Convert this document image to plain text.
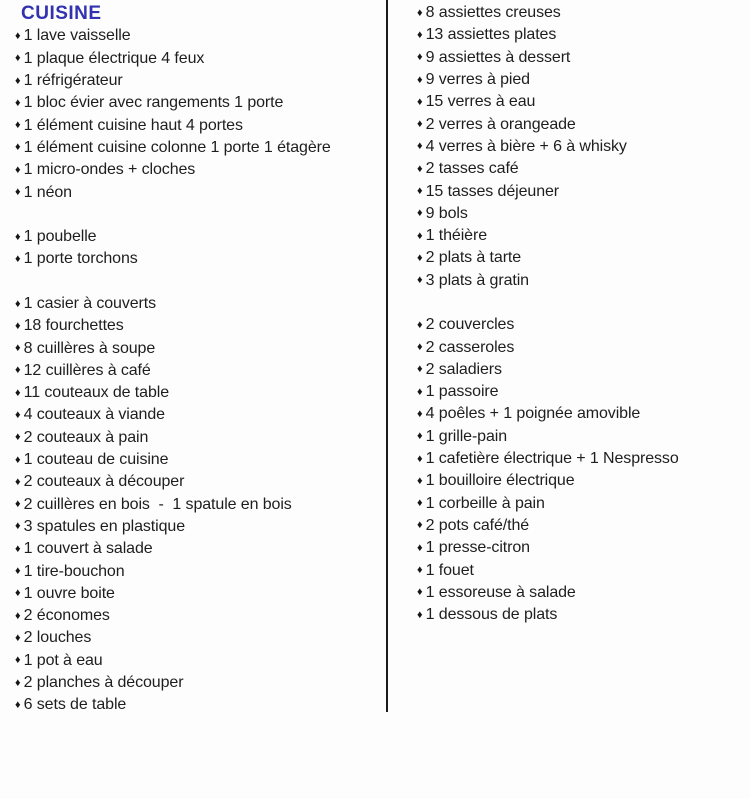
CUISINE
♦ 1 lave vaisselle
♦ 1 plaque électrique 4 feux
♦ 1 réfrigérateur
♦ 1 bloc évier avec rangements 1 porte
♦ 1 élément cuisine haut 4 portes
♦ 1 élément cuisine colonne 1 porte 1 étagère
♦ 1 micro-ondes + cloches
♦ 1 néon
♦ 1 poubelle
♦ 1 porte torchons
♦ 1 casier à couverts
♦ 18 fourchettes
♦ 8 cuillères à soupe
♦ 12 cuillères à café
♦ 11 couteaux de table
♦ 4 couteaux à viande
♦ 2 couteaux à pain
♦ 1 couteau de cuisine
♦ 2 couteaux à découper
♦ 2 cuillères en bois  -  1 spatule en bois
♦ 3 spatules en plastique
♦ 1 couvert à salade
♦ 1 tire-bouchon
♦ 1 ouvre boite
♦ 2 économes
♦ 2 louches
♦ 1 pot à eau
♦ 2 planches à découper
♦ 6 sets de table
♦ 8 assiettes creuses
♦ 13 assiettes plates
♦ 9 assiettes à dessert
♦ 9 verres à pied
♦ 15 verres à eau
♦ 2 verres à orangeade
♦ 4 verres à bière + 6 à whisky
♦ 2 tasses café
♦ 15 tasses déjeuner
♦ 9 bols
♦ 1 théière
♦ 2 plats à tarte
♦ 3 plats à gratin
♦ 2 couvercles
♦ 2 casseroles
♦ 2 saladiers
♦ 1 passoire
♦ 4 poêles + 1 poignée amovible
♦ 1 grille-pain
♦ 1 cafetière électrique + 1 Nespresso
♦ 1 bouilloire électrique
♦ 1 corbeille à pain
♦ 2 pots café/thé
♦ 1 presse-citron
♦ 1 fouet
♦ 1 essoreuse à salade
♦ 1 dessous de plats
